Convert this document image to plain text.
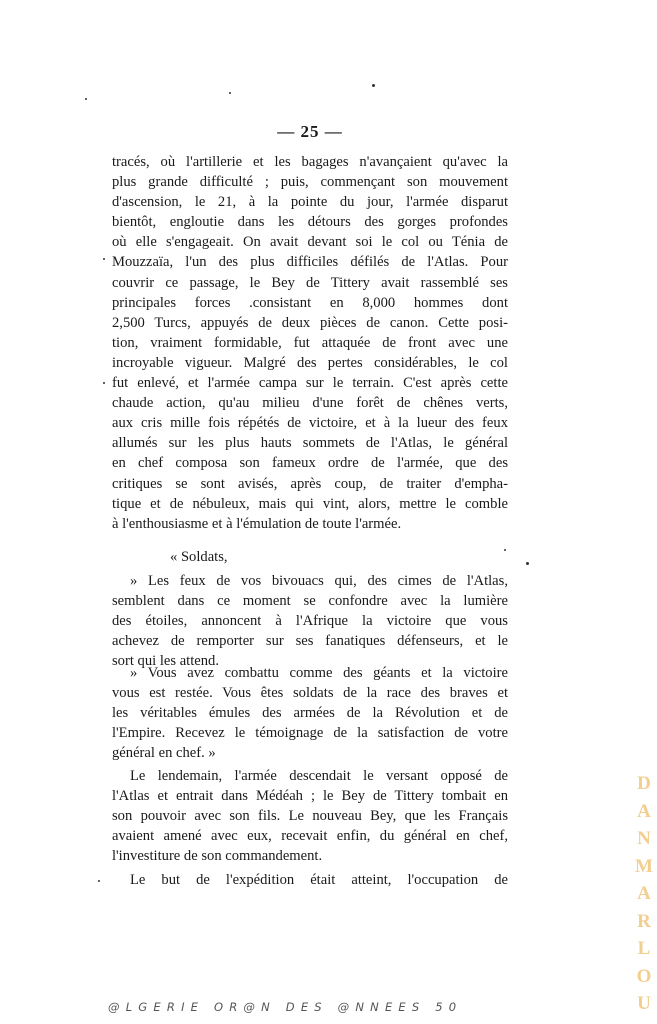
— 25 —

tracés, où l'artillerie et les bagages n'avançaient qu'avec la
plus grande difficulté ; puis, commençant son mouvement
d'ascension, le 21, à la pointe du jour, l'armée disparut
bientôt, engloutie dans les détours des gorges profondes
où elle s'engageait. On avait devant soi le col ou Ténia de
Mouzzaïa, l'un des plus difficiles défilés de l'Atlas. Pour
couvrir ce passage, le Bey de Tittery avait rassemblé ses
principales forces .consistant en 8,000 hommes dont
2,500 Turcs, appuyés de deux pièces de canon. Cette posi-
tion, vraiment formidable, fut attaquée de front avec une
incroyable vigueur. Malgré des pertes considérables, le col
fut enlevé, et l'armée campa sur le terrain. C'est après cette
chaude action, qu'au milieu d'une forêt de chênes verts,
aux cris mille fois répétés de victoire, et à la lueur des feux
allumés sur les plus hauts sommets de l'Atlas, le général
en chef composa son fameux ordre de l'armée, que des
critiques se sont avisés, après coup, de traiter d'empha-
tique et de nébuleux, mais qui vint, alors, mettre le comble
à l'enthousiasme et à l'émulation de toute l'armée.

« Soldats,

» Les feux de vos bivouacs qui, des cimes de l'Atlas,
semblent dans ce moment se confondre avec la lumière
des étoiles, annoncent à l'Afrique la victoire que vous
achevez de remporter sur ses fanatiques défenseurs, et le
sort qui les attend.

» Vous avez combattu comme des géants et la victoire
vous est restée. Vous êtes soldats de la race des braves et
les véritables émules des armées de la Révolution et de
l'Empire. Recevez le témoignage de la satisfaction de votre
général en chef. »

Le lendemain, l'armée descendait le versant opposé de
l'Atlas et entrait dans Médéah ; le Bey de Tittery tombait en
son pouvoir avec son fils. Le nouveau Bey, que les Français
avaient amené avec eux, recevait enfin, du général en chef,
l'investiture de son commandement.

Le but de l'expédition était atteint, l'occupation de

D
A
N
M
A
R
L
O
U
@LGERIE OR@N DES @NNEES 50
